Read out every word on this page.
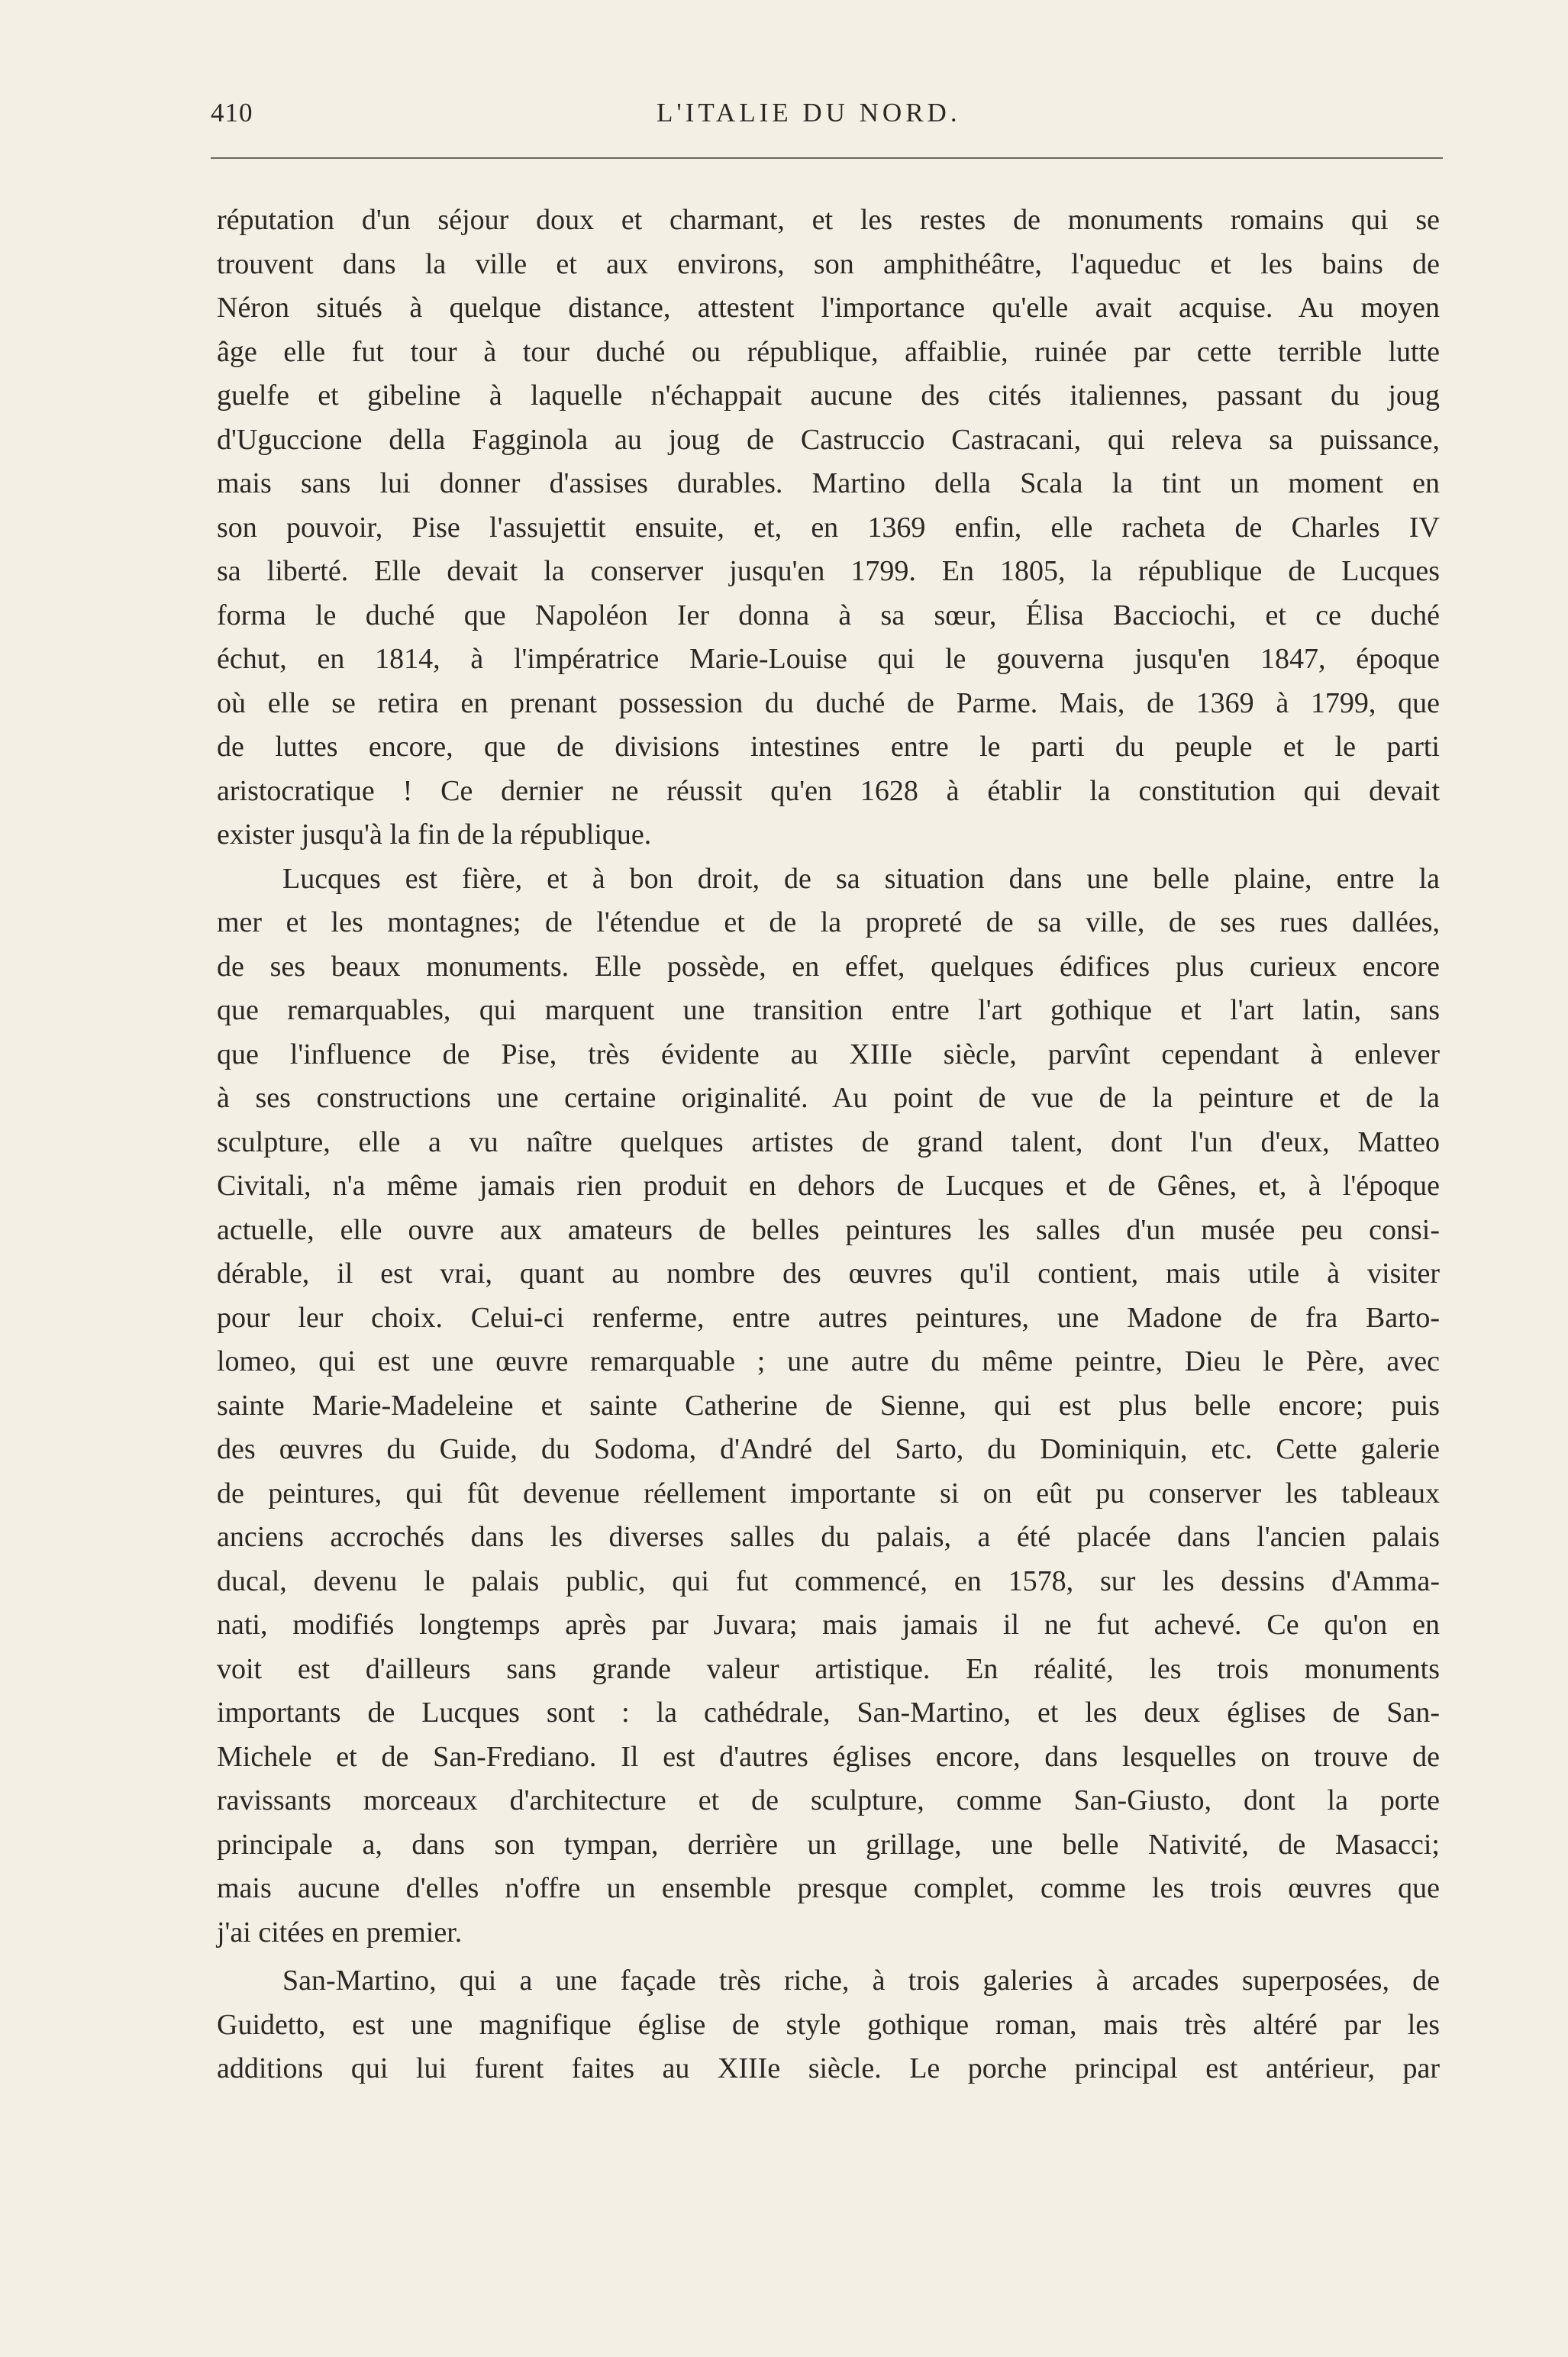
410	L'ITALIE DU NORD.
réputation d'un séjour doux et charmant, et les restes de monuments romains qui se
trouvent dans la ville et aux environs, son amphithéâtre, l'aqueduc et les bains de
Néron situés à quelque distance, attestent l'importance qu'elle avait acquise. Au moyen
âge elle fut tour à tour duché ou république, affaiblie, ruinée par cette terrible lutte
guelfe et gibeline à laquelle n'échappait aucune des cités italiennes, passant du joug
d'Uguccione della Fagginola au joug de Castruccio Castracani, qui releva sa puissance,
mais sans lui donner d'assises durables. Martino della Scala la tint un moment en
son pouvoir, Pise l'assujettit ensuite, et, en 1369 enfin, elle racheta de Charles IV
sa liberté. Elle devait la conserver jusqu'en 1799. En 1805, la république de Lucques
forma le duché que Napoléon Ier donna à sa sœur, Élisa Bacciochi, et ce duché
échut, en 1814, à l'impératrice Marie-Louise qui le gouverna jusqu'en 1847, époque
où elle se retira en prenant possession du duché de Parme. Mais, de 1369 à 1799, que
de luttes encore, que de divisions intestines entre le parti du peuple et le parti
aristocratique ! Ce dernier ne réussit qu'en 1628 à établir la constitution qui devait
exister jusqu'à la fin de la république.
Lucques est fière, et à bon droit, de sa situation dans une belle plaine, entre la
mer et les montagnes; de l'étendue et de la propreté de sa ville, de ses rues dallées,
de ses beaux monuments. Elle possède, en effet, quelques édifices plus curieux encore
que remarquables, qui marquent une transition entre l'art gothique et l'art latin, sans
que l'influence de Pise, très évidente au XIIIe siècle, parvînt cependant à enlever
à ses constructions une certaine originalité. Au point de vue de la peinture et de la
sculpture, elle a vu naître quelques artistes de grand talent, dont l'un d'eux, Matteo
Civitali, n'a même jamais rien produit en dehors de Lucques et de Gênes, et, à l'époque
actuelle, elle ouvre aux amateurs de belles peintures les salles d'un musée peu consi-
dérable, il est vrai, quant au nombre des œuvres qu'il contient, mais utile à visiter
pour leur choix. Celui-ci renferme, entre autres peintures, une Madone de fra Barto-
lomeo, qui est une œuvre remarquable ; une autre du même peintre, Dieu le Père, avec
sainte Marie-Madeleine et sainte Catherine de Sienne, qui est plus belle encore; puis
des œuvres du Guide, du Sodoma, d'André del Sarto, du Dominiquin, etc. Cette galerie
de peintures, qui fût devenue réellement importante si on eût pu conserver les tableaux
anciens accrochés dans les diverses salles du palais, a été placée dans l'ancien palais
ducal, devenu le palais public, qui fut commencé, en 1578, sur les dessins d'Amma-
nati, modifiés longtemps après par Juvara; mais jamais il ne fut achevé. Ce qu'on en
voit est d'ailleurs sans grande valeur artistique. En réalité, les trois monuments
importants de Lucques sont : la cathédrale, San-Martino, et les deux églises de San-
Michele et de San-Frediano. Il est d'autres églises encore, dans lesquelles on trouve de
ravissants morceaux d'architecture et de sculpture, comme San-Giusto, dont la porte
principale a, dans son tympan, derrière un grillage, une belle Nativité, de Masacci;
mais aucune d'elles n'offre un ensemble presque complet, comme les trois œuvres que
j'ai citées en premier.
San-Martino, qui a une façade très riche, à trois galeries à arcades superposées, de
Guidetto, est une magnifique église de style gothique roman, mais très altéré par les
additions qui lui furent faites au XIIIe siècle. Le porche principal est antérieur, par
